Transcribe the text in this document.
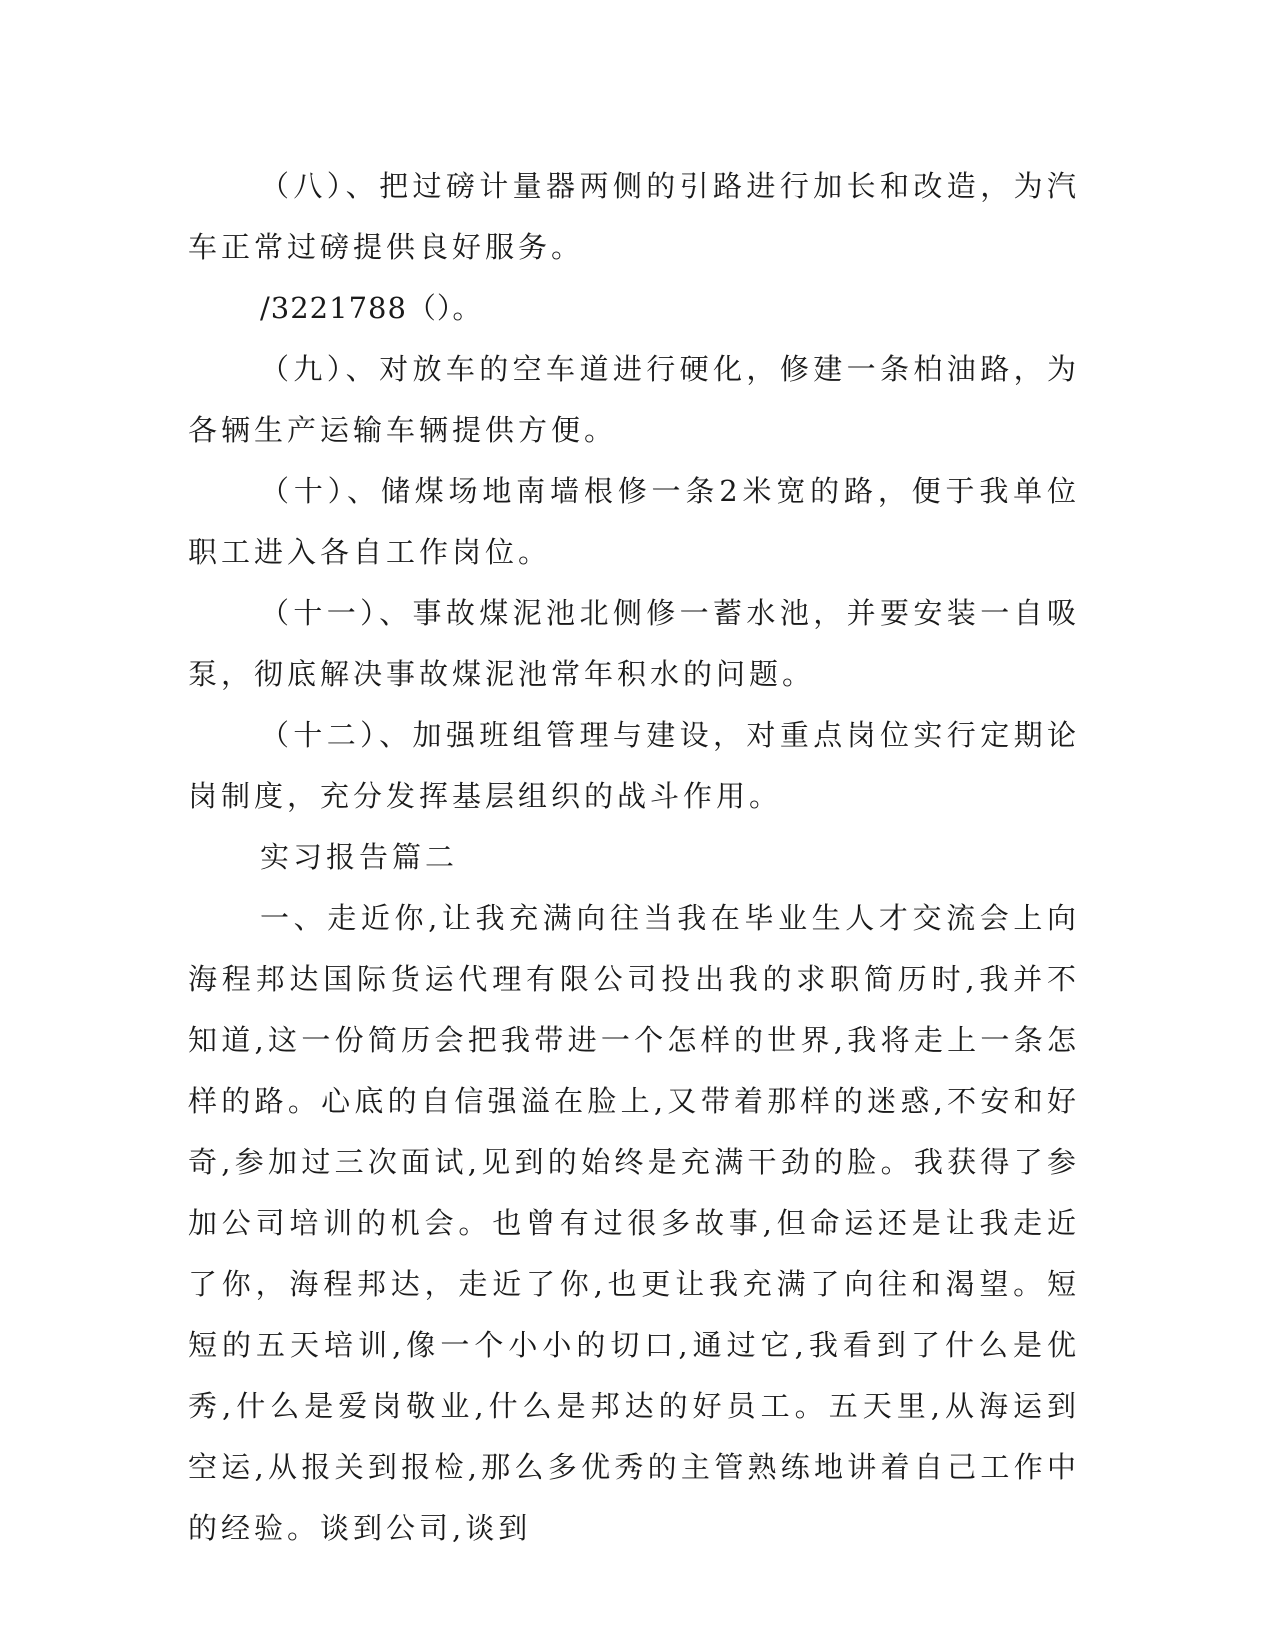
（八）、把过磅计量器两侧的引路进行加长和改造，为汽车正常过磅提供良好服务。

/3221788（）。

（九）、对放车的空车道进行硬化，修建一条柏油路，为各辆生产运输车辆提供方便。

（十）、储煤场地南墙根修一条2米宽的路，便于我单位职工进入各自工作岗位。

（十一）、事故煤泥池北侧修一蓄水池，并要安装一自吸泵，彻底解决事故煤泥池常年积水的问题。

（十二）、加强班组管理与建设，对重点岗位实行定期论岗制度，充分发挥基层组织的战斗作用。

实习报告篇二

一、走近你,让我充满向往当我在毕业生人才交流会上向海程邦达国际货运代理有限公司投出我的求职简历时,我并不知道,这一份简历会把我带进一个怎样的世界,我将走上一条怎样的路。心底的自信强溢在脸上,又带着那样的迷惑,不安和好奇,参加过三次面试,见到的始终是充满干劲的脸。我获得了参加公司培训的机会。也曾有过很多故事,但命运还是让我走近了你，海程邦达，走近了你,也更让我充满了向往和渴望。短短的五天培训,像一个小小的切口,通过它,我看到了什么是优秀,什么是爱岗敬业,什么是邦达的好员工。五天里,从海运到空运,从报关到报检,那么多优秀的主管熟练地讲着自己工作中的经验。谈到公司,谈到
